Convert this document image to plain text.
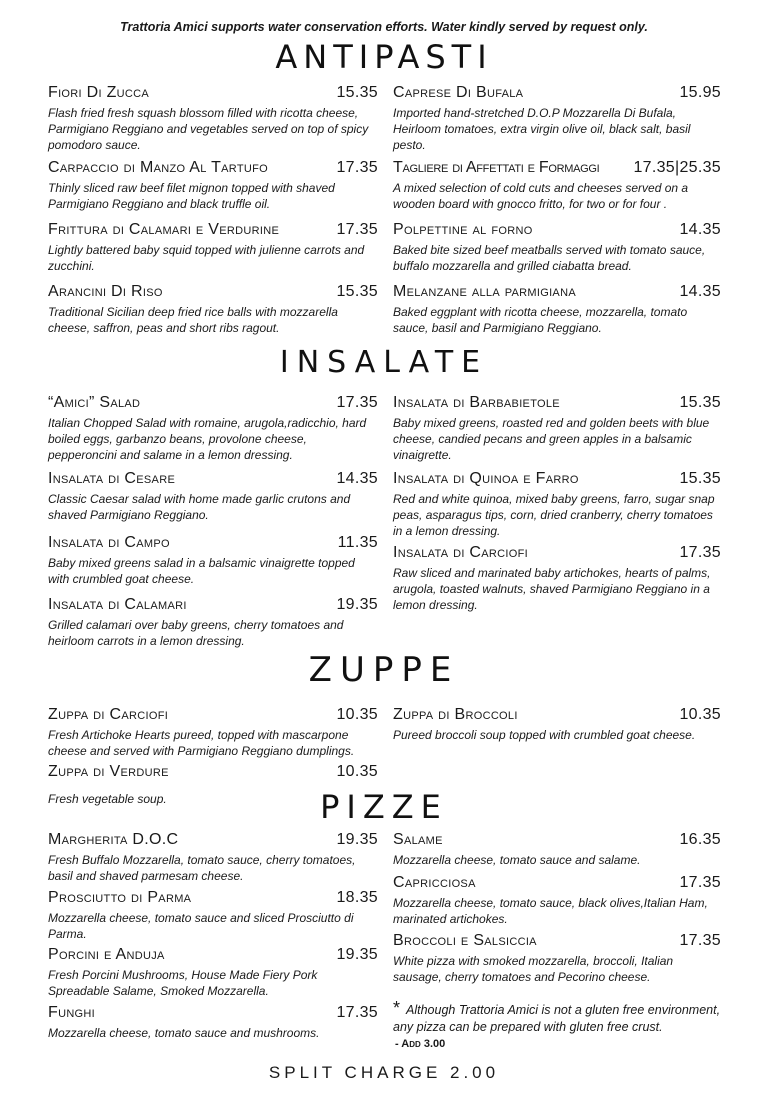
Trattoria Amici supports water conservation efforts. Water kindly served by request only.
ANTIPASTI
Fiori Di Zucca	15.35
Flash fried fresh squash blossom filled with ricotta cheese, Parmigiano Reggiano and vegetables served on top of spicy pomodoro sauce.
Carpaccio di Manzo Al Tartufo	17.35
Thinly sliced raw beef filet mignon topped with shaved Parmigiano Reggiano and black truffle oil.
Frittura di Calamari e Verdurine	17.35
Lightly battered baby squid topped with julienne carrots and zucchini.
Arancini Di Riso	15.35
Traditional Sicilian deep fried rice balls with mozzarella cheese, saffron, peas and short ribs ragout.
Caprese Di Bufala	15.95
Imported hand-stretched D.O.P Mozzarella Di Bufala, Heirloom tomatoes, extra virgin olive oil, black salt, basil pesto.
Tagliere di Affettati e Formaggi 17.35|25.35
A mixed selection of cold cuts and cheeses served on a wooden board with gnocco fritto, for two or for four .
Polpettine al forno	14.35
Baked bite sized beef meatballs served with tomato sauce, buffalo mozzarella and grilled ciabatta bread.
Melanzane alla parmigiana	14.35
Baked eggplant with ricotta cheese, mozzarella, tomato sauce, basil and Parmigiano Reggiano.
INSALATE
“Amici” Salad	17.35
Italian Chopped Salad with romaine, arugola,radicchio, hard boiled eggs, garbanzo beans, provolone cheese, pepperoncini and salame in a lemon dressing.
Insalata di Cesare	14.35
Classic Caesar salad with home made garlic crutons and shaved Parmigiano Reggiano.
Insalata di Campo	11.35
Baby mixed greens salad in a balsamic vinaigrette topped with crumbled goat cheese.
Insalata di Calamari	19.35
Grilled calamari over baby greens, cherry tomatoes and heirloom carrots in a lemon dressing.
Insalata di Barbabietole	15.35
Baby mixed greens, roasted red and golden beets with blue cheese, candied pecans and green apples in a balsamic vinaigrette.
Insalata di Quinoa e Farro	15.35
Red and white quinoa, mixed baby greens, farro, sugar snap peas, asparagus tips, corn, dried cranberry, cherry tomatoes in a lemon dressing.
Insalata di Carciofi	17.35
Raw sliced and marinated baby artichokes, hearts of palms, arugola, toasted walnuts, shaved Parmigiano Reggiano in a lemon dressing.
ZUPPE
Zuppa di Carciofi	10.35
Fresh Artichoke Hearts pureed, topped with mascarpone cheese and served with Parmigiano Reggiano dumplings.
Zuppa di Verdure	10.35
Fresh vegetable soup.
Zuppa di Broccoli	10.35
Pureed broccoli soup topped with crumbled goat cheese.
PIZZE
Margherita D.O.C	19.35
Fresh Buffalo Mozzarella, tomato sauce, cherry tomatoes, basil and shaved parmesam cheese.
Prosciutto di Parma	18.35
Mozzarella cheese, tomato sauce and sliced Prosciutto di Parma.
Porcini e Anduja	19.35
Fresh Porcini Mushrooms, House Made Fiery Pork Spreadable Salame, Smoked Mozzarella.
Funghi	17.35
Mozzarella cheese, tomato sauce and mushrooms.
Salame	16.35
Mozzarella cheese, tomato sauce and salame.
Capricciosa	17.35
Mozzarella cheese, tomato sauce, black olives,Italian Ham, marinated artichokes.
Broccoli e Salsiccia	17.35
White pizza with smoked mozzarella, broccoli, Italian sausage, cherry tomatoes and Pecorino cheese.
* Although Trattoria Amici is not a gluten free environment, any pizza can be prepared with gluten free crust.
- Add 3.00
SPLIT CHARGE 2.00
